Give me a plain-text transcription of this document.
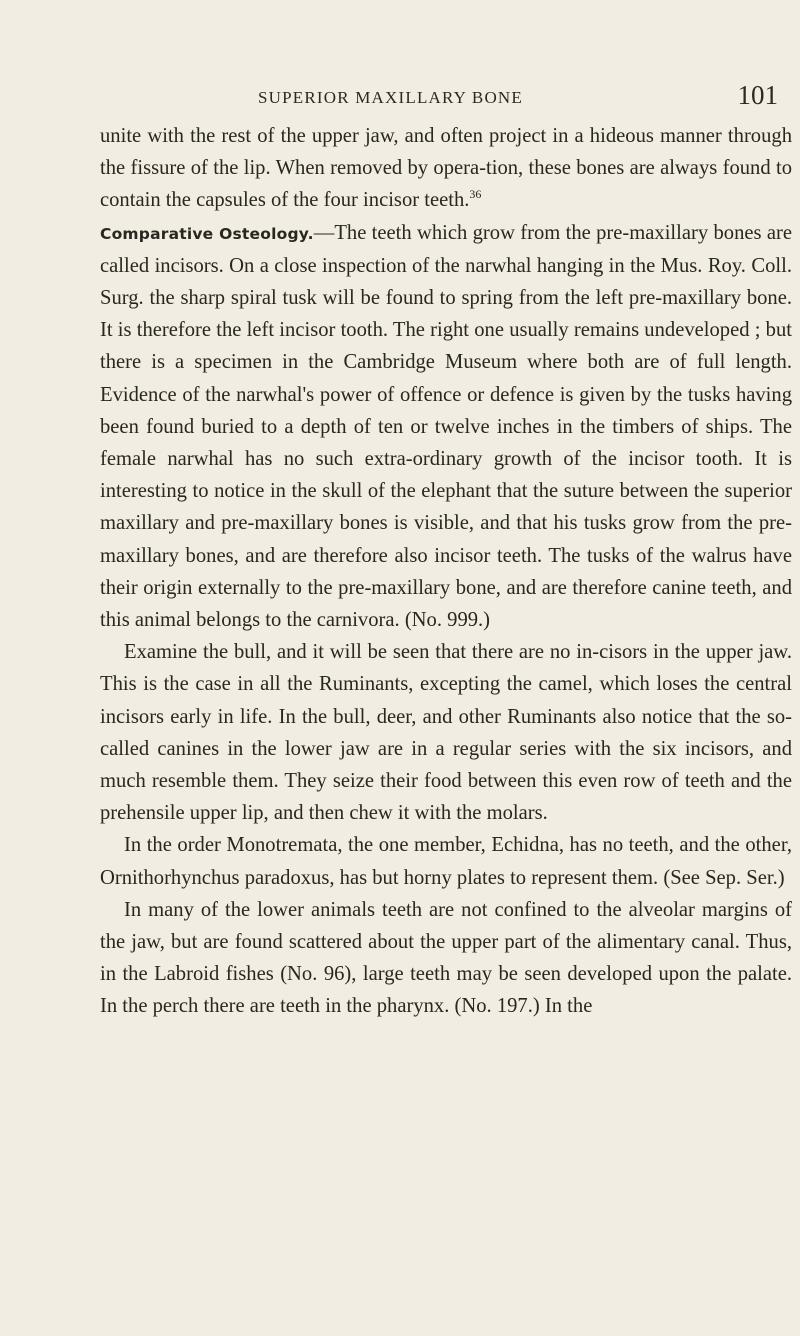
SUPERIOR MAXILLARY BONE	101

unite with the rest of the upper jaw, and often project in a hideous manner through the fissure of the lip. When removed by opera-tion, these bones are always found to contain the capsules of the four incisor teeth.$^{36}$

Comparative Osteology.—The teeth which grow from the pre-maxillary bones are called incisors. On a close inspection of the narwhal hanging in the Mus. Roy. Coll. Surg. the sharp spiral tusk will be found to spring from the left pre-maxillary bone. It is therefore the left incisor tooth. The right one usually remains undeveloped ; but there is a specimen in the Cambridge Museum where both are of full length. Evidence of the narwhal's power of offence or defence is given by the tusks having been found buried to a depth of ten or twelve inches in the timbers of ships. The female narwhal has no such extra-ordinary growth of the incisor tooth. It is interesting to notice in the skull of the elephant that the suture between the superior maxillary and pre-maxillary bones is visible, and that his tusks grow from the pre-maxillary bones, and are therefore also incisor teeth. The tusks of the walrus have their origin externally to the pre-maxillary bone, and are therefore canine teeth, and this animal belongs to the carnivora. (No. 999.)

Examine the bull, and it will be seen that there are no in-cisors in the upper jaw. This is the case in all the Ruminants, excepting the camel, which loses the central incisors early in life. In the bull, deer, and other Ruminants also notice that the so-called canines in the lower jaw are in a regular series with the six incisors, and much resemble them. They seize their food between this even row of teeth and the prehensile upper lip, and then chew it with the molars.

In the order Monotremata, the one member, Echidna, has no teeth, and the other, Ornithorhynchus paradoxus, has but horny plates to represent them. (See Sep. Ser.)

In many of the lower animals teeth are not confined to the alveolar margins of the jaw, but are found scattered about the upper part of the alimentary canal. Thus, in the Labroid fishes (No. 96), large teeth may be seen developed upon the palate. In the perch there are teeth in the pharynx. (No. 197.) In the
